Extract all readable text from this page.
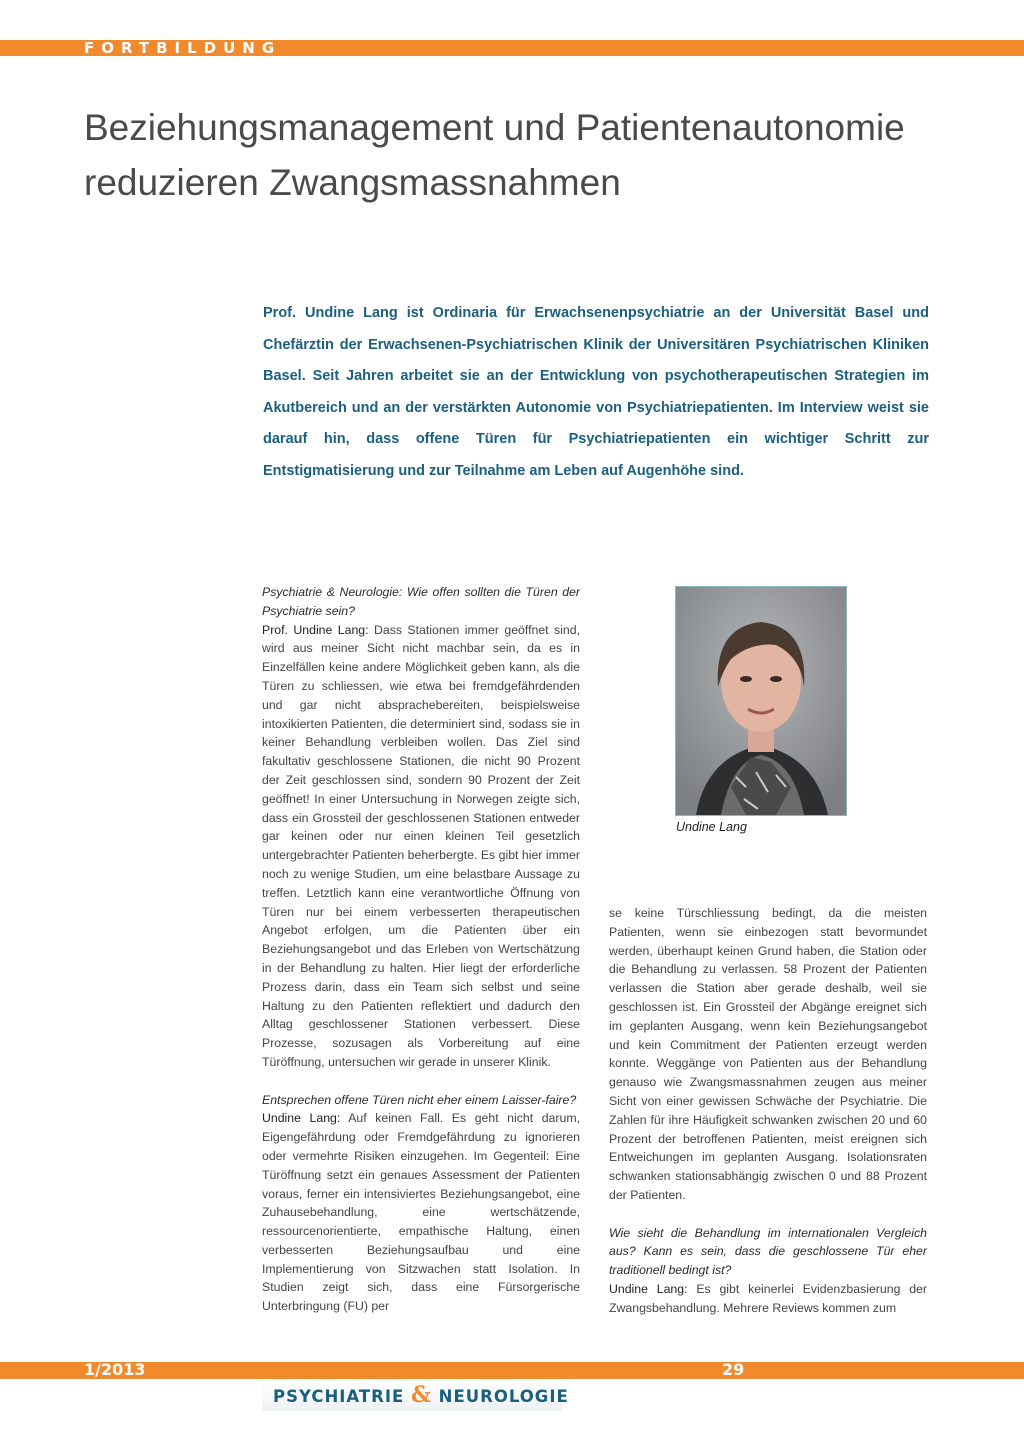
FORTBILDUNG
Beziehungsmanagement und Patientenautonomie
reduzieren Zwangsmassnahmen

Prof. Undine Lang ist Ordinaria für Erwachsenenpsychiatrie an der Universität Basel und Chefärztin der Erwachsenen-Psychiatrischen Klinik der Universitären Psychiatrischen Kliniken Basel. Seit Jahren arbeitet sie an der Entwicklung von psychotherapeutischen Strategien im Akutbereich und an der verstärkten Autonomie von Psychiatriepatienten. Im Interview weist sie darauf hin, dass offene Türen für Psychiatriepatienten ein wichtiger Schritt zur Entstigmatisierung und zur Teilnahme am Leben auf Augenhöhe sind.

Psychiatrie & Neurologie: Wie offen sollten die Türen der Psychiatrie sein?

Prof. Undine Lang: Dass Stationen immer geöffnet sind, wird aus meiner Sicht nicht machbar sein, da es in Einzelfällen keine andere Möglichkeit geben kann, als die Türen zu schliessen, wie etwa bei fremdgefährdenden und gar nicht absprachebereiten, beispielsweise intoxikierten Patienten, die determiniert sind, sodass sie in keiner Behandlung verbleiben wollen. Das Ziel sind fakultativ geschlossene Stationen, die nicht 90 Prozent der Zeit geschlossen sind, sondern 90 Prozent der Zeit geöffnet! In einer Untersuchung in Norwegen zeigte sich, dass ein Grossteil der geschlossenen Stationen entweder gar keinen oder nur einen kleinen Teil gesetzlich untergebrachter Patienten beherbergte. Es gibt hier immer noch zu wenige Studien, um eine belastbare Aussage zu treffen. Letztlich kann eine verantwortliche Öffnung von Türen nur bei einem verbesserten therapeutischen Angebot erfolgen, um die Patienten über ein Beziehungsangebot und das Erleben von Wertschätzung in der Behandlung zu halten. Hier liegt der erforderliche Prozess darin, dass ein Team sich selbst und seine Haltung zu den Patienten reflektiert und dadurch den Alltag geschlossener Stationen verbessert. Diese Prozesse, sozusagen als Vorbereitung auf eine Türöffnung, untersuchen wir gerade in unserer Klinik.

Entsprechen offene Türen nicht eher einem Laisser-faire?

Undine Lang: Auf keinen Fall. Es geht nicht darum, Eigengefährdung oder Fremdgefährdung zu ignorieren oder vermehrte Risiken einzugehen. Im Gegenteil: Eine Türöffnung setzt ein genaues Assessment der Patienten voraus, ferner ein intensiviertes Beziehungsangebot, eine Zuhausebehandlung, eine wertschätzende, ressourcenorientierte, empathische Haltung, einen verbesserten Beziehungsaufbau und eine Implementierung von Sitzwachen statt Isolation. In Studien zeigt sich, dass eine Fürsorgerische Unterbringung (FU) per

Undine Lang

se keine Türschliessung bedingt, da die meisten Patienten, wenn sie einbezogen statt bevormundet werden, überhaupt keinen Grund haben, die Station oder die Behandlung zu verlassen. 58 Prozent der Patienten verlassen die Station aber gerade deshalb, weil sie geschlossen ist. Ein Grossteil der Abgänge ereignet sich im geplanten Ausgang, wenn kein Beziehungsangebot und kein Commitment der Patienten erzeugt werden konnte. Weggänge von Patienten aus der Behandlung genauso wie Zwangsmassnahmen zeugen aus meiner Sicht von einer gewissen Schwäche der Psychiatrie. Die Zahlen für ihre Häufigkeit schwanken zwischen 20 und 60 Prozent der betroffenen Patienten, meist ereignen sich Entweichungen im geplanten Ausgang. Isolationsraten schwanken stationsabhängig zwischen 0 und 88 Prozent der Patienten.

Wie sieht die Behandlung im internationalen Vergleich aus? Kann es sein, dass die geschlossene Tür eher traditionell bedingt ist?

Undine Lang: Es gibt keinerlei Evidenzbasierung der Zwangsbehandlung. Mehrere Reviews kommen zum

1/2013	29
PSYCHIATRIE & NEUROLOGIE
